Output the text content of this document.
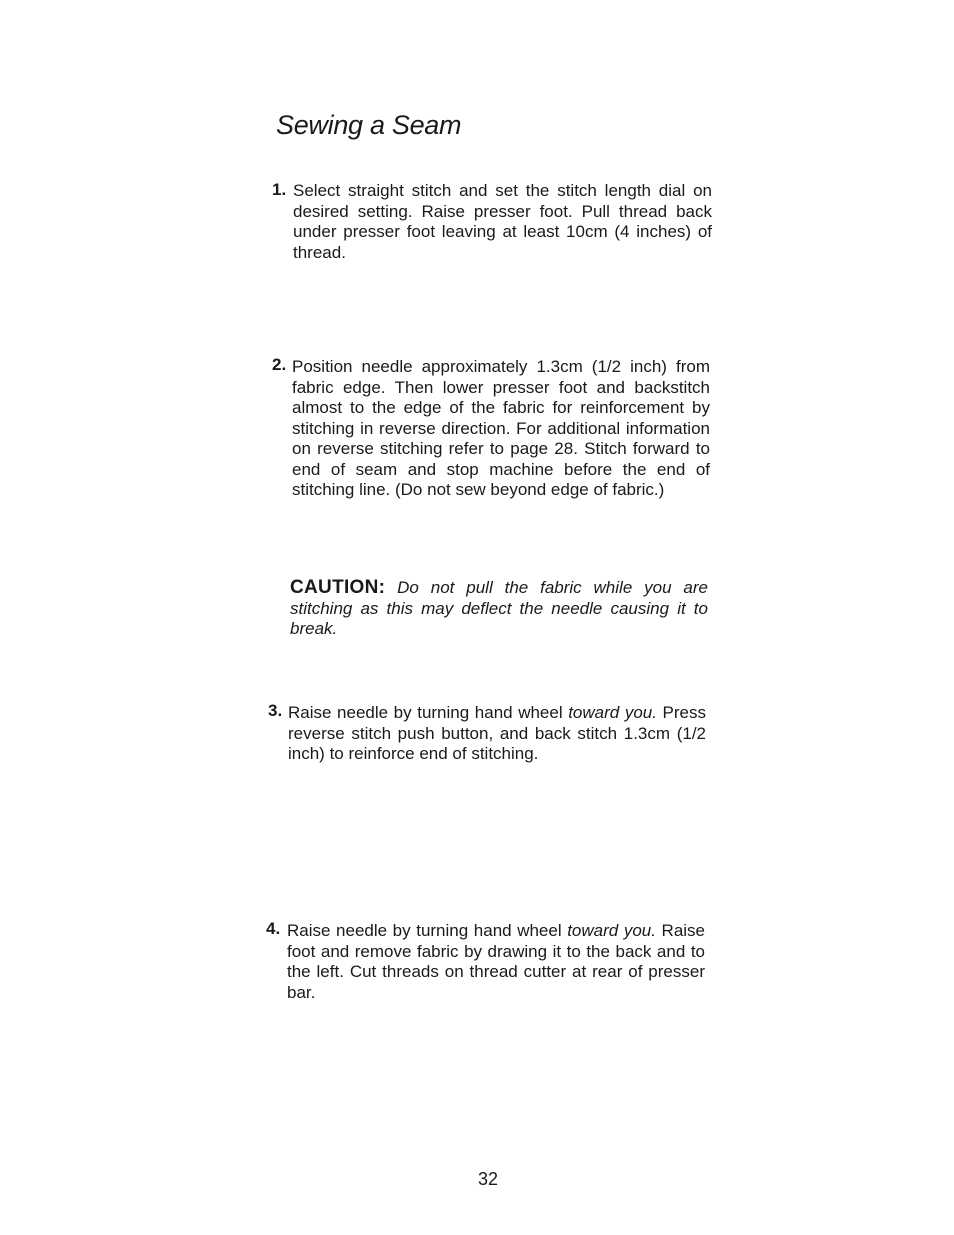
Sewing a Seam
1. Select straight stitch and set the stitch length dial on desired setting. Raise presser foot. Pull thread back under presser foot leaving at least 10cm (4 inches) of thread.
2. Position needle approximately 1.3cm (1/2 inch) from fabric edge. Then lower presser foot and backstitch almost to the edge of the fabric for reinforcement by stitching in reverse direction. For additional information on reverse stitching refer to page 28. Stitch forward to end of seam and stop machine before the end of stitching line. (Do not sew beyond edge of fabric.)
CAUTION: Do not pull the fabric while you are stitching as this may deflect the needle causing it to break.
3. Raise needle by turning hand wheel toward you. Press reverse stitch push button, and back stitch 1.3cm (1/2 inch) to reinforce end of stitching.
4. Raise needle by turning hand wheel toward you. Raise foot and remove fabric by drawing it to the back and to the left. Cut threads on thread cutter at rear of presser bar.
32
